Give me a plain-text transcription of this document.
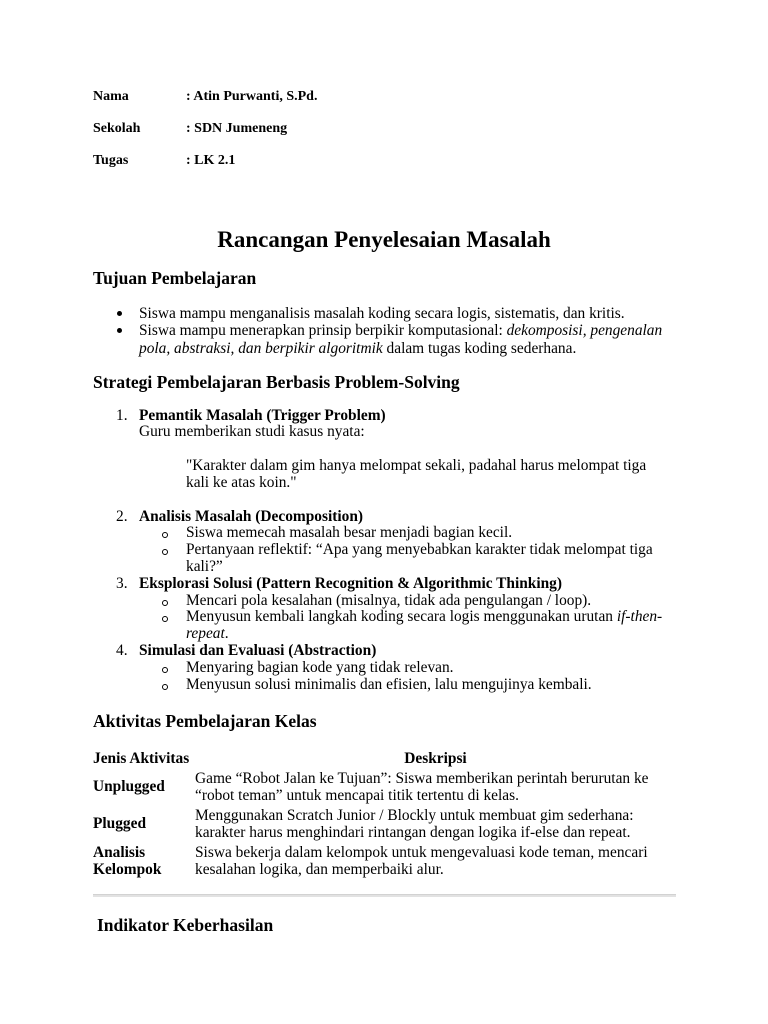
Nama	: Atin Purwanti, S.Pd.
Sekolah	: SDN Jumeneng
Tugas	: LK 2.1
Rancangan Penyelesaian Masalah
Tujuan Pembelajaran
Siswa mampu menganalisis masalah koding secara logis, sistematis, dan kritis.
Siswa mampu menerapkan prinsip berpikir komputasional: dekomposisi, pengenalan pola, abstraksi, dan berpikir algoritmik dalam tugas koding sederhana.
Strategi Pembelajaran Berbasis Problem-Solving
1. Pemantik Masalah (Trigger Problem)
Guru memberikan studi kasus nyata:
"Karakter dalam gim hanya melompat sekali, padahal harus melompat tiga kali ke atas koin."
2. Analisis Masalah (Decomposition)
Siswa memecah masalah besar menjadi bagian kecil.
Pertanyaan reflektif: “Apa yang menyebabkan karakter tidak melompat tiga kali?”
3. Eksplorasi Solusi (Pattern Recognition & Algorithmic Thinking)
Mencari pola kesalahan (misalnya, tidak ada pengulangan / loop).
Menyusun kembali langkah koding secara logis menggunakan urutan if-then-repeat.
4. Simulasi dan Evaluasi (Abstraction)
Menyaring bagian kode yang tidak relevan.
Menyusun solusi minimalis dan efisien, lalu mengujinya kembali.
Aktivitas Pembelajaran Kelas
Jenis Aktivitas	Deskripsi
Unplugged	Game “Robot Jalan ke Tujuan”: Siswa memberikan perintah berurutan ke “robot teman” untuk mencapai titik tertentu di kelas.
Plugged	Menggunakan Scratch Junior / Blockly untuk membuat gim sederhana: karakter harus menghindari rintangan dengan logika if-else dan repeat.
Analisis Kelompok	Siswa bekerja dalam kelompok untuk mengevaluasi kode teman, mencari kesalahan logika, dan memperbaiki alur.
Indikator Keberhasilan
